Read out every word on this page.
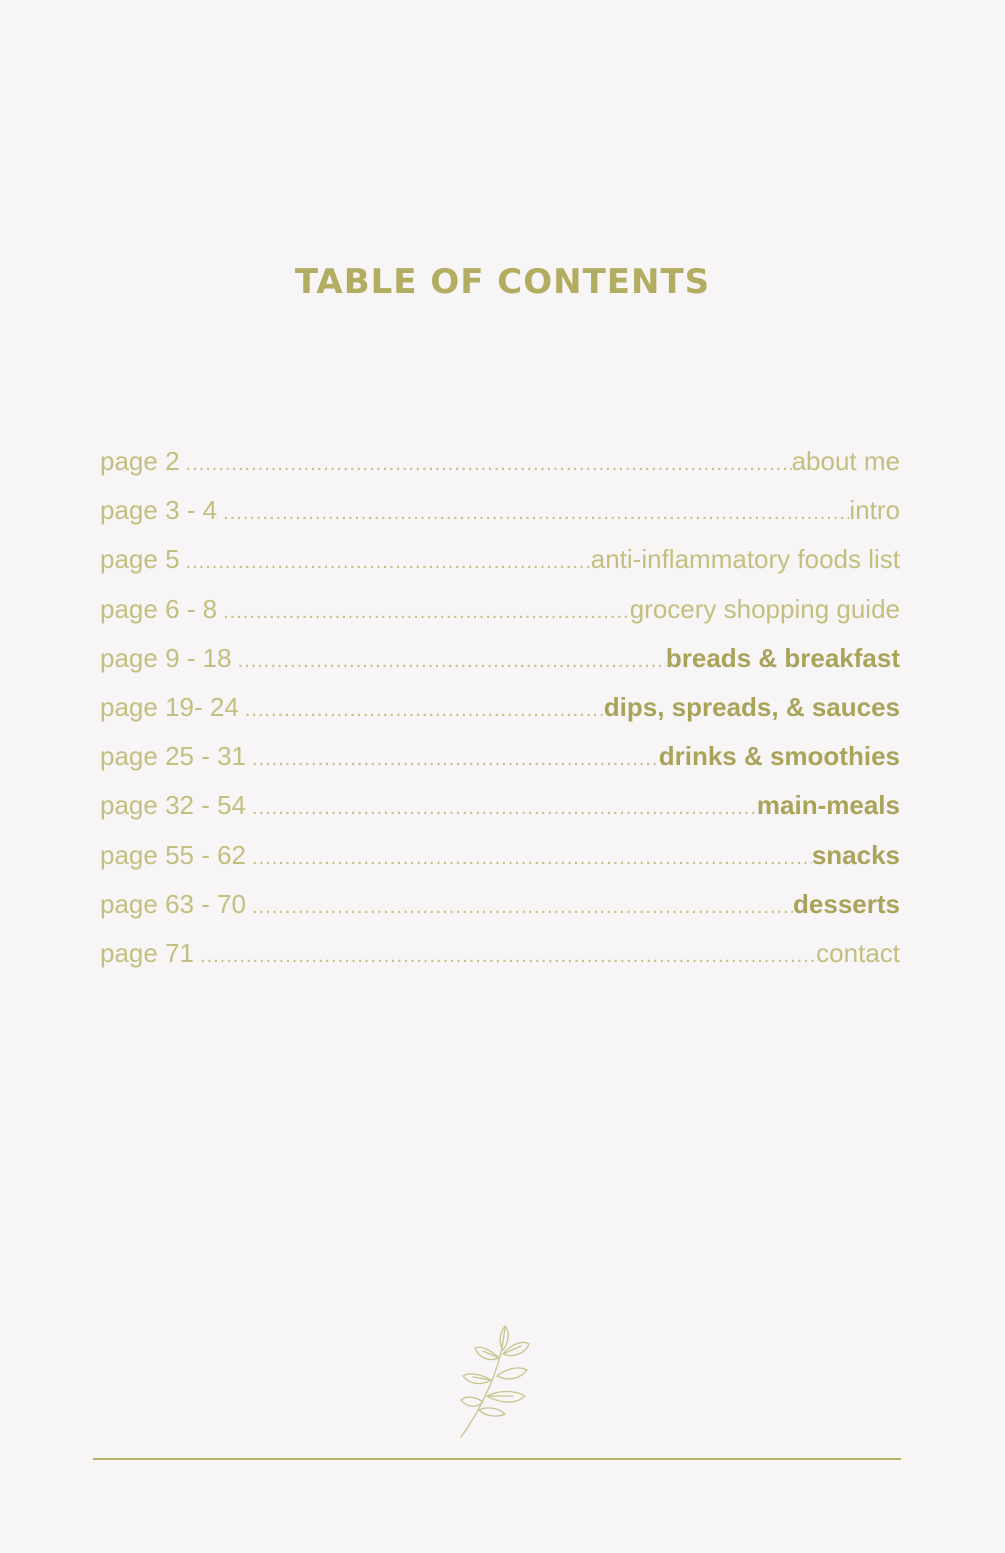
TABLE OF CONTENTS
page 2 .....	about me
page 3 - 4 .....	intro
page 5 .....	anti-inflammatory foods list
page 6 - 8 .....	grocery shopping guide
page 9 - 18 .....	breads & breakfast
page 19- 24 .....	dips, spreads, & sauces
page 25 - 31 .....	drinks & smoothies
page 32 - 54 .....	main-meals
page 55 - 62 .....	snacks
page 63 - 70 .....	desserts
page 71 .....	contact
